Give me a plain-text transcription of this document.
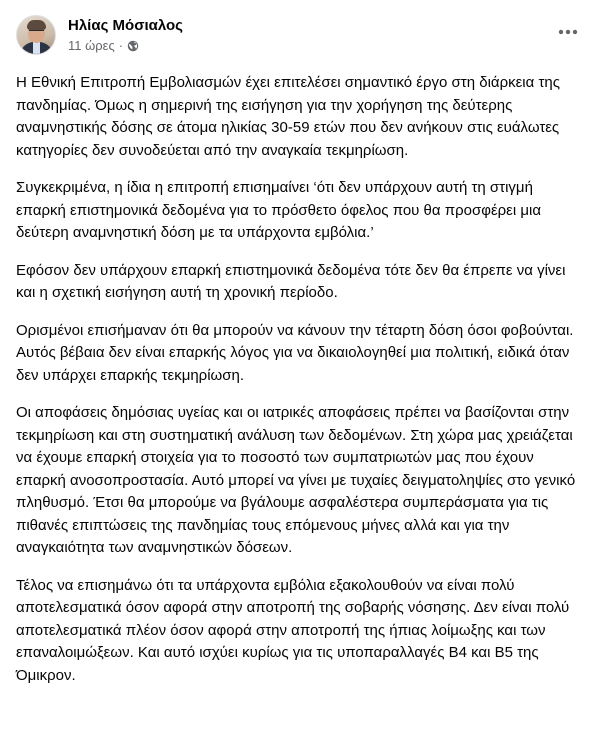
Ηλίας Μόσιαλος
11 ώρες ·

Η Εθνική Επιτροπή Εμβολιασμών έχει επιτελέσει σημαντικό έργο στη διάρκεια της πανδημίας. Όμως η σημερινή της εισήγηση για την χορήγηση της δεύτερης αναμνηστικής δόσης σε άτομα ηλικίας 30-59 ετών που δεν ανήκουν στις ευάλωτες κατηγορίες δεν συνοδεύεται από την αναγκαία τεκμηρίωση.

Συγκεκριμένα, η ίδια η επιτροπή επισημαίνει ‘ότι δεν υπάρχουν αυτή τη στιγμή επαρκή επιστημονικά δεδομένα για το πρόσθετο όφελος που θα προσφέρει μια δεύτερη αναμνηστική δόση με τα υπάρχοντα εμβόλια.’

Εφόσον δεν υπάρχουν επαρκή επιστημονικά δεδομένα τότε δεν θα έπρεπε να γίνει και η σχετική εισήγηση αυτή τη χρονική περίοδο.

Ορισμένοι επισήμαναν ότι θα μπορούν να κάνουν την τέταρτη δόση όσοι φοβούνται. Αυτός βέβαια δεν είναι επαρκής λόγος για να δικαιολογηθεί μια πολιτική, ειδικά όταν δεν υπάρχει επαρκής τεκμηρίωση.

Οι αποφάσεις δημόσιας υγείας και οι ιατρικές αποφάσεις πρέπει να βασίζονται στην τεκμηρίωση και στη συστηματική ανάλυση των δεδομένων. Στη χώρα μας χρειάζεται να έχουμε επαρκή στοιχεία για το ποσοστό των συμπατριωτών μας που έχουν επαρκή ανοσοπροστασία. Αυτό μπορεί να γίνει με τυχαίες δειγματοληψίες στο γενικό πληθυσμό. Έτσι θα μπορούμε να βγάλουμε ασφαλέστερα συμπεράσματα για τις πιθανές επιπτώσεις της πανδημίας τους επόμενους μήνες αλλά και για την αναγκαιότητα των αναμνηστικών δόσεων.

Τέλος να επισημάνω ότι τα υπάρχοντα εμβόλια εξακολουθούν να είναι πολύ αποτελεσματικά όσον αφορά στην αποτροπή της σοβαρής νόσησης. Δεν είναι πολύ αποτελεσματικά πλέον όσον αφορά στην αποτροπή της ήπιας λοίμωξης και των επαναλοιμώξεων. Και αυτό ισχύει κυρίως για τις υποπαραλλαγές Β4 και Β5 της Όμικρον.
